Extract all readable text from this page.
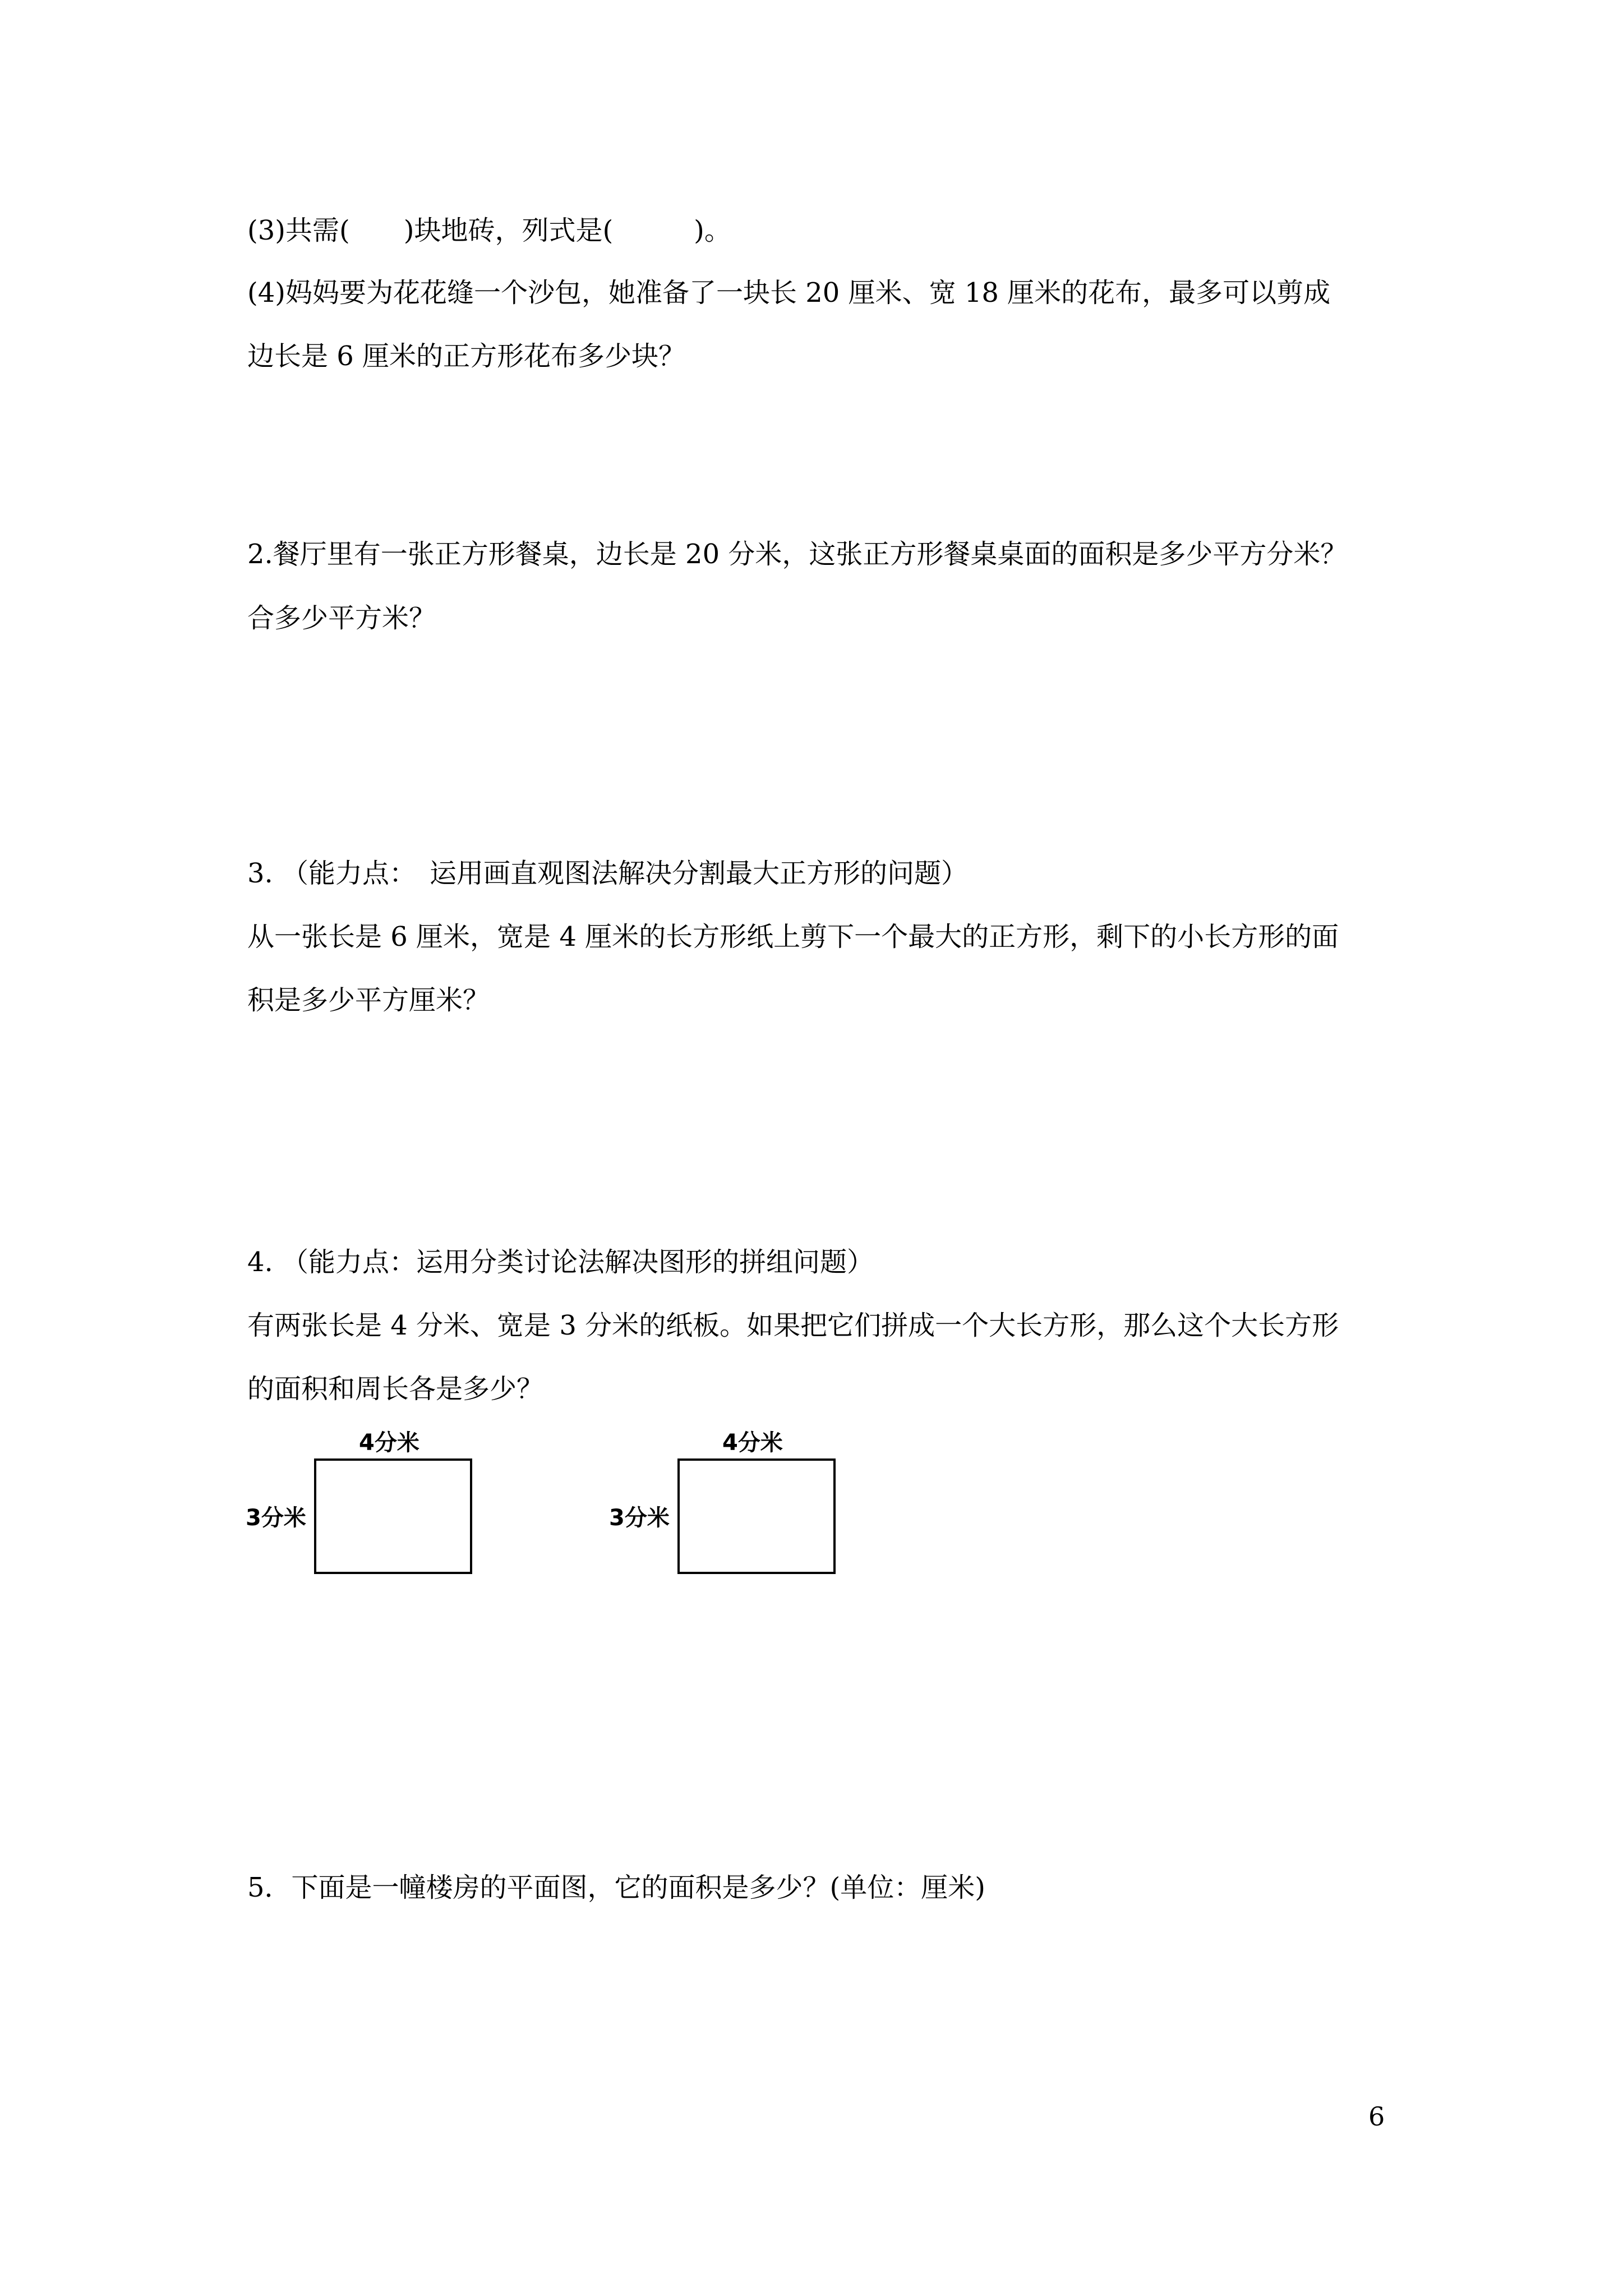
(3)共需(　　)块地砖，列式是(　　　)。

(4)妈妈要为花花缝一个沙包，她准备了一块长 20 厘米、宽 18 厘米的花布，最多可以剪成

边长是 6 厘米的正方形花布多少块？

2.餐厅里有一张正方形餐桌，边长是 20 分米，这张正方形餐桌桌面的面积是多少平方分米？

合多少平方米？

3. （能力点：　运用画直观图法解决分割最大正方形的问题）

从一张长是 6 厘米，宽是 4 厘米的长方形纸上剪下一个最大的正方形，剩下的小长方形的面

积是多少平方厘米？

4. （能力点：运用分类讨论法解决图形的拼组问题）

有两张长是 4 分米、宽是 3 分米的纸板。如果把它们拼成一个大长方形，那么这个大长方形

的面积和周长各是多少？

4分米
3分米
4分米
3分米

5．下面是一幢楼房的平面图，它的面积是多少？(单位：厘米)

6
